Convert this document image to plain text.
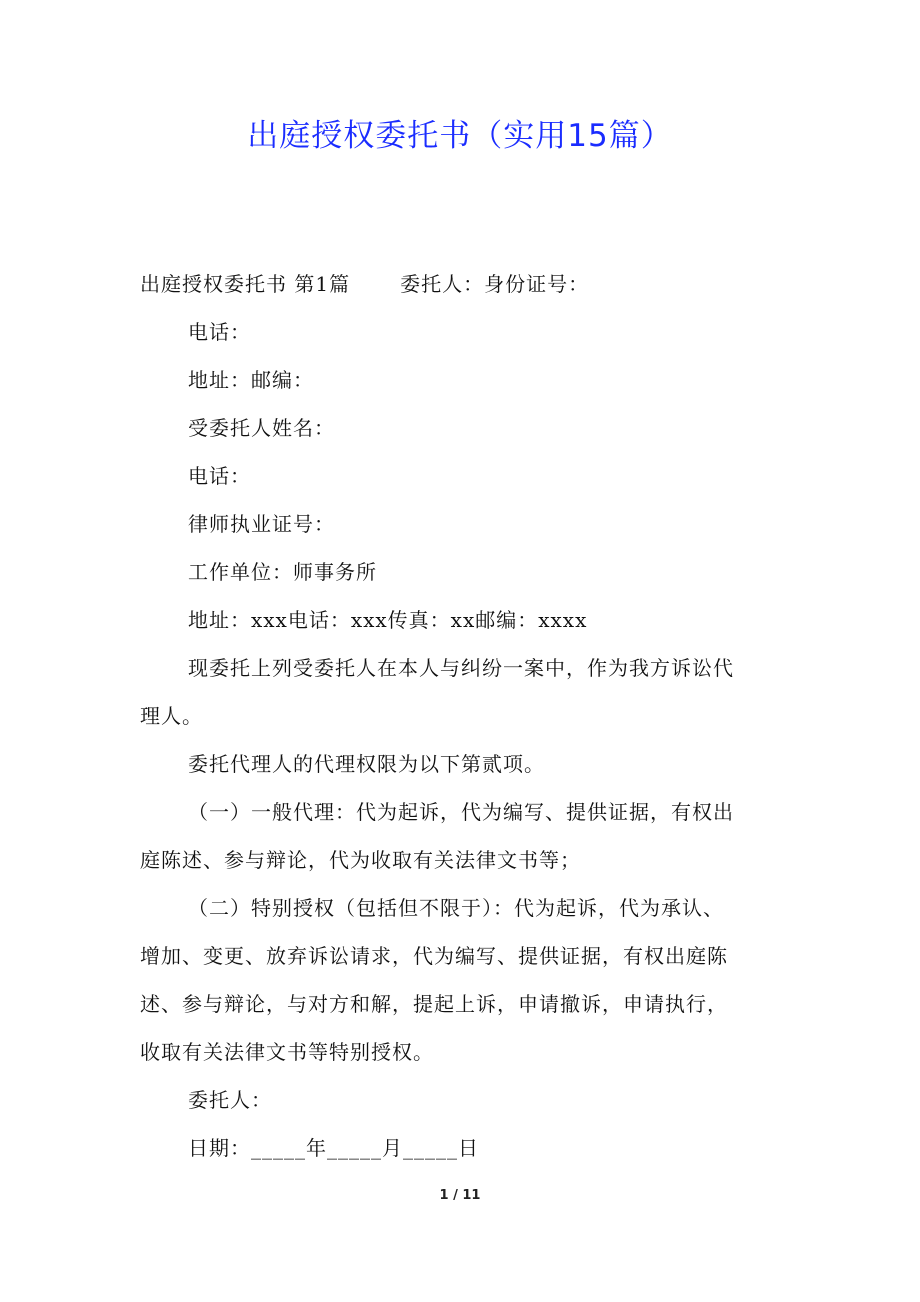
出庭授权委托书（实用15篇）
出庭授权委托书 第1篇	委托人：身份证号：
电话：
地址：邮编：
受委托人姓名：
电话：
律师执业证号：
工作单位：师事务所
地址：xxx电话：xxx传真：xx邮编：xxxx
现委托上列受委托人在本人与纠纷一案中，作为我方诉讼代
理人。
委托代理人的代理权限为以下第贰项。
（一）一般代理：代为起诉，代为编写、提供证据，有权出
庭陈述、参与辩论，代为收取有关法律文书等；
（二）特别授权（包括但不限于）：代为起诉，代为承认、
增加、变更、放弃诉讼请求，代为编写、提供证据，有权出庭陈
述、参与辩论，与对方和解，提起上诉，申请撤诉，申请执行，
收取有关法律文书等特别授权。
委托人：
日期：_____年_____月_____日
1 / 11
